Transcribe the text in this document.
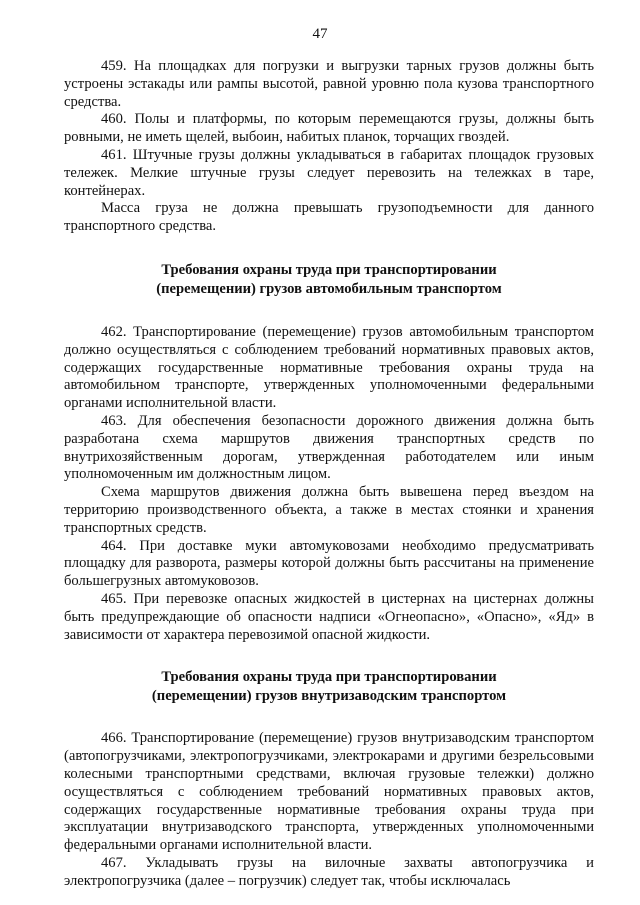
47

459. На площадках для погрузки и выгрузки тарных грузов должны быть устроены эстакады или рампы высотой, равной уровню пола кузова транспортного средства.

460. Полы и платформы, по которым перемещаются грузы, должны быть ровными, не иметь щелей, выбоин, набитых планок, торчащих гвоздей.

461. Штучные грузы должны укладываться в габаритах площадок грузовых тележек. Мелкие штучные грузы следует перевозить на тележках в таре, контейнерах.

Масса груза не должна превышать грузоподъемности для данного транспортного средства.

Требования охраны труда при транспортировании
(перемещении) грузов автомобильным транспортом

462. Транспортирование (перемещение) грузов автомобильным транспортом должно осуществляться с соблюдением требований нормативных правовых актов, содержащих государственные нормативные требования охраны труда на автомобильном транспорте, утвержденных уполномоченными федеральными органами исполнительной власти.

463. Для обеспечения безопасности дорожного движения должна быть разработана схема маршрутов движения транспортных средств по внутрихозяйственным дорогам, утвержденная работодателем или иным уполномоченным им должностным лицом.

Схема маршрутов движения должна быть вывешена перед въездом на территорию производственного объекта, а также в местах стоянки и хранения транспортных средств.

464. При доставке муки автомуковозами необходимо предусматривать площадку для разворота, размеры которой должны быть рассчитаны на применение большегрузных автомуковозов.

465. При перевозке опасных жидкостей в цистернах на цистернах должны быть предупреждающие об опасности надписи «Огнеопасно», «Опасно», «Яд» в зависимости от характера перевозимой опасной жидкости.

Требования охраны труда при транспортировании
(перемещении) грузов внутризаводским транспортом

466. Транспортирование (перемещение) грузов внутризаводским транспортом (автопогрузчиками, электропогрузчиками, электрокарами и другими безрельсовыми колесными транспортными средствами, включая грузовые тележки) должно осуществляться с соблюдением требований нормативных правовых актов, содержащих государственные нормативные требования охраны труда при эксплуатации внутризаводского транспорта, утвержденных уполномоченными федеральными органами исполнительной власти.

467. Укладывать грузы на вилочные захваты автопогрузчика и электропогрузчика (далее – погрузчик) следует так, чтобы исключалась
